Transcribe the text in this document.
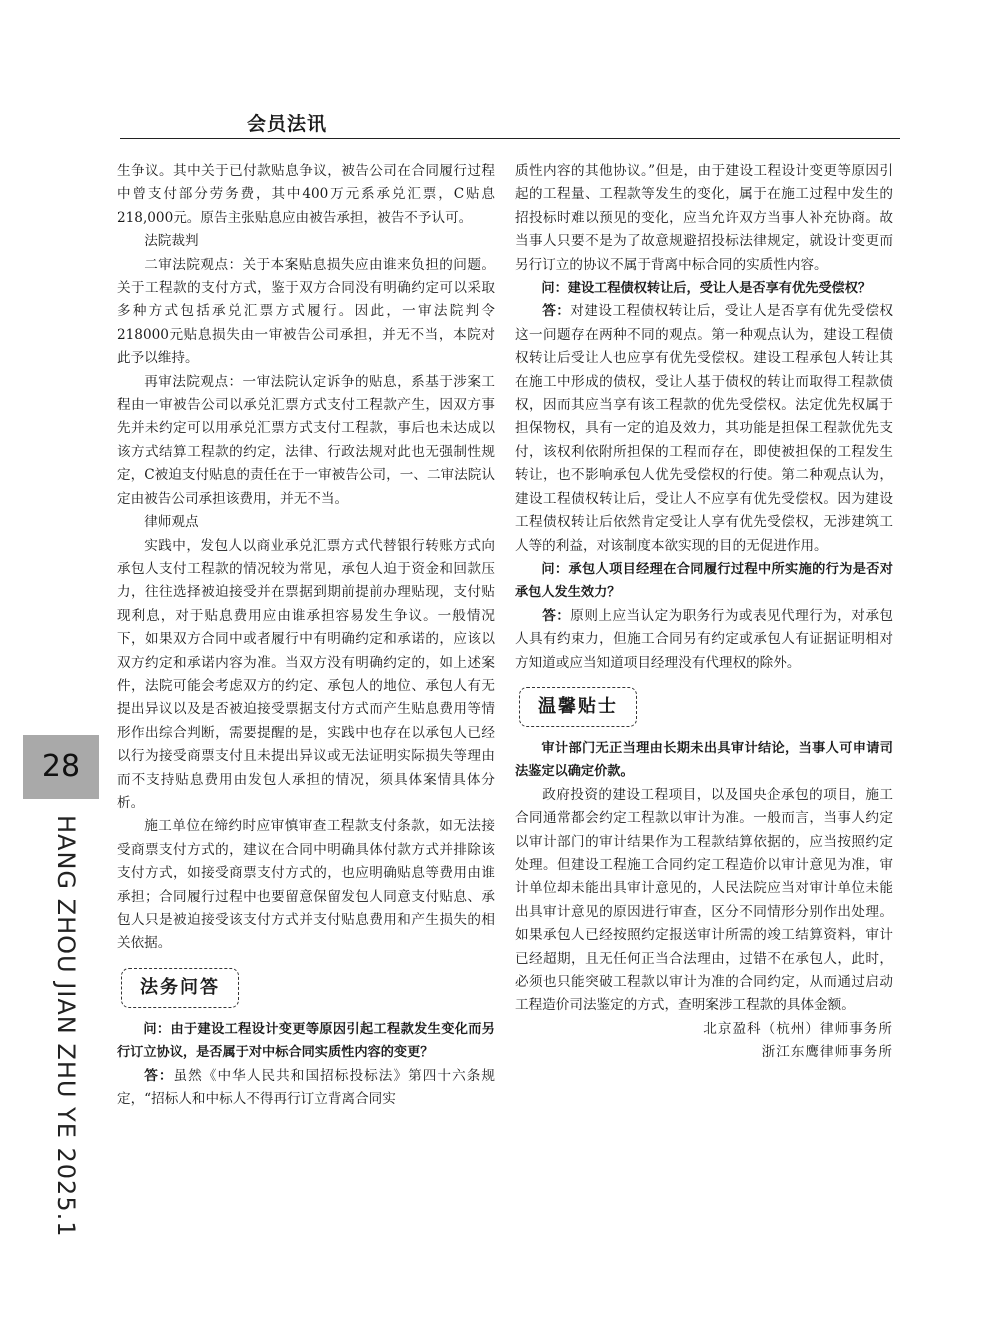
会员法讯
28
HANG ZHOU JIAN ZHU YE 2025.1

生争议。其中关于已付款贴息争议，被告公司在合同履行过程中曾支付部分劳务费，其中400万元系承兑汇票，C贴息218,000元。原告主张贴息应由被告承担，被告不予认可。

法院裁判

二审法院观点：关于本案贴息损失应由谁来负担的问题。关于工程款的支付方式，鉴于双方合同没有明确约定可以采取多种方式包括承兑汇票方式履行。因此，一审法院判令218000元贴息损失由一审被告公司承担，并无不当，本院对此予以维持。

再审法院观点：一审法院认定诉争的贴息，系基于涉案工程由一审被告公司以承兑汇票方式支付工程款产生，因双方事先并未约定可以用承兑汇票方式支付工程款，事后也未达成以该方式结算工程款的约定，法律、行政法规对此也无强制性规定，C被迫支付贴息的责任在于一审被告公司，一、二审法院认定由被告公司承担该费用，并无不当。

律师观点

实践中，发包人以商业承兑汇票方式代替银行转账方式向承包人支付工程款的情况较为常见，承包人迫于资金和回款压力，往往选择被迫接受并在票据到期前提前办理贴现，支付贴现利息，对于贴息费用应由谁承担容易发生争议。一般情况下，如果双方合同中或者履行中有明确约定和承诺的，应该以双方约定和承诺内容为准。当双方没有明确约定的，如上述案件，法院可能会考虑双方的约定、承包人的地位、承包人有无提出异议以及是否被迫接受票据支付方式而产生贴息费用等情形作出综合判断，需要提醒的是，实践中也存在以承包人已经以行为接受商票支付且未提出异议或无法证明实际损失等理由而不支持贴息费用由发包人承担的情况，须具体案情具体分析。

施工单位在缔约时应审慎审查工程款支付条款，如无法接受商票支付方式的，建议在合同中明确具体付款方式并排除该支付方式，如接受商票支付方式的，也应明确贴息等费用由谁承担；合同履行过程中也要留意保留发包人同意支付贴息、承包人只是被迫接受该支付方式并支付贴息费用和产生损失的相关依据。

法务问答

问：由于建设工程设计变更等原因引起工程款发生变化而另行订立协议，是否属于对中标合同实质性内容的变更？

答：虽然《中华人民共和国招标投标法》第四十六条规定，“招标人和中标人不得再行订立背离合同实

质性内容的其他协议。”但是，由于建设工程设计变更等原因引起的工程量、工程款等发生的变化，属于在施工过程中发生的招投标时难以预见的变化，应当允许双方当事人补充协商。故当事人只要不是为了故意规避招投标法律规定，就设计变更而另行订立的协议不属于背离中标合同的实质性内容。

问：建设工程债权转让后，受让人是否享有优先受偿权？

答：对建设工程债权转让后，受让人是否享有优先受偿权这一问题存在两种不同的观点。第一种观点认为，建设工程债权转让后受让人也应享有优先受偿权。建设工程承包人转让其在施工中形成的债权，受让人基于债权的转让而取得工程款债权，因而其应当享有该工程款的优先受偿权。法定优先权属于担保物权，具有一定的追及效力，其功能是担保工程款优先支付，该权利依附所担保的工程而存在，即使被担保的工程发生转让，也不影响承包人优先受偿权的行使。第二种观点认为，建设工程债权转让后，受让人不应享有优先受偿权。因为建设工程债权转让后依然肯定受让人享有优先受偿权，无涉建筑工人等的利益，对该制度本欲实现的目的无促进作用。

问：承包人项目经理在合同履行过程中所实施的行为是否对承包人发生效力？

答：原则上应当认定为职务行为或表见代理行为，对承包人具有约束力，但施工合同另有约定或承包人有证据证明相对方知道或应当知道项目经理没有代理权的除外。

温馨贴士

审计部门无正当理由长期未出具审计结论，当事人可申请司法鉴定以确定价款。

政府投资的建设工程项目，以及国央企承包的项目，施工合同通常都会约定工程款以审计为准。一般而言，当事人约定以审计部门的审计结果作为工程款结算依据的，应当按照约定处理。但建设工程施工合同约定工程造价以审计意见为准，审计单位却未能出具审计意见的，人民法院应当对审计单位未能出具审计意见的原因进行审查，区分不同情形分别作出处理。如果承包人已经按照约定报送审计所需的竣工结算资料，审计已经超期，且无任何正当合法理由，过错不在承包人，此时，必须也只能突破工程款以审计为准的合同约定，从而通过启动工程造价司法鉴定的方式，查明案涉工程款的具体金额。

北京盈科（杭州）律师事务所

浙江东鹰律师事务所
